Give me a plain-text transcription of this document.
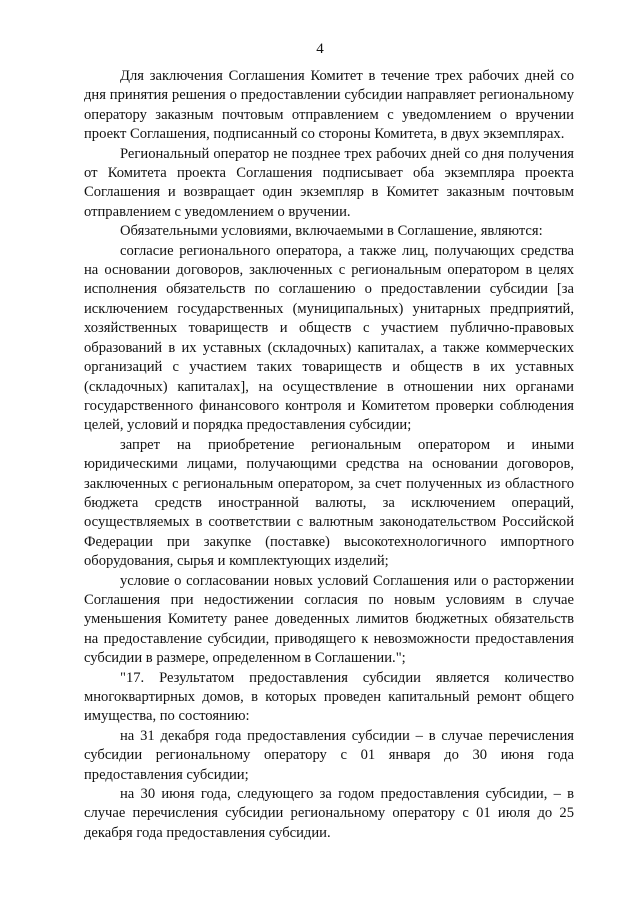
4

Для заключения Соглашения Комитет в течение трех рабочих дней со дня принятия решения о предоставлении субсидии направляет региональному оператору заказным почтовым отправлением с уведомлением о вручении проект Соглашения, подписанный со стороны Комитета, в двух экземплярах.

Региональный оператор не позднее трех рабочих дней со дня получения от Комитета проекта Соглашения подписывает оба экземпляра проекта Соглашения и возвращает один экземпляр в Комитет заказным почтовым отправлением с уведомлением о вручении.

Обязательными условиями, включаемыми в Соглашение, являются:

согласие регионального оператора, а также лиц, получающих средства на основании договоров, заключенных с региональным оператором в целях исполнения обязательств по соглашению о предоставлении субсидии [за исключением государственных (муниципальных) унитарных предприятий, хозяйственных товариществ и обществ с участием публично-правовых образований в их уставных (складочных) капиталах, а также коммерческих организаций с участием таких товариществ и обществ в их уставных (складочных) капиталах], на осуществление в отношении них органами государственного финансового контроля и Комитетом проверки соблюдения целей, условий и порядка предоставления субсидии;

запрет на приобретение региональным оператором и иными юридическими лицами, получающими средства на основании договоров, заключенных с региональным оператором, за счет полученных из областного бюджета средств иностранной валюты, за исключением операций, осуществляемых в соответствии с валютным законодательством Российской Федерации при закупке (поставке) высокотехнологичного импортного оборудования, сырья и комплектующих изделий;

условие о согласовании новых условий Соглашения или о расторжении Соглашения при недостижении согласия по новым условиям в случае уменьшения Комитету ранее доведенных лимитов бюджетных обязательств на предоставление субсидии, приводящего к невозможности предоставления субсидии в размере, определенном в Соглашении.";

"17. Результатом предоставления субсидии является количество многоквартирных домов, в которых проведен капитальный ремонт общего имущества, по состоянию:

на 31 декабря года предоставления субсидии – в случае перечисления субсидии региональному оператору с 01 января до 30 июня года предоставления субсидии;

на 30 июня года, следующего за годом предоставления субсидии, – в случае перечисления субсидии региональному оператору с 01 июля до 25 декабря года предоставления субсидии.
